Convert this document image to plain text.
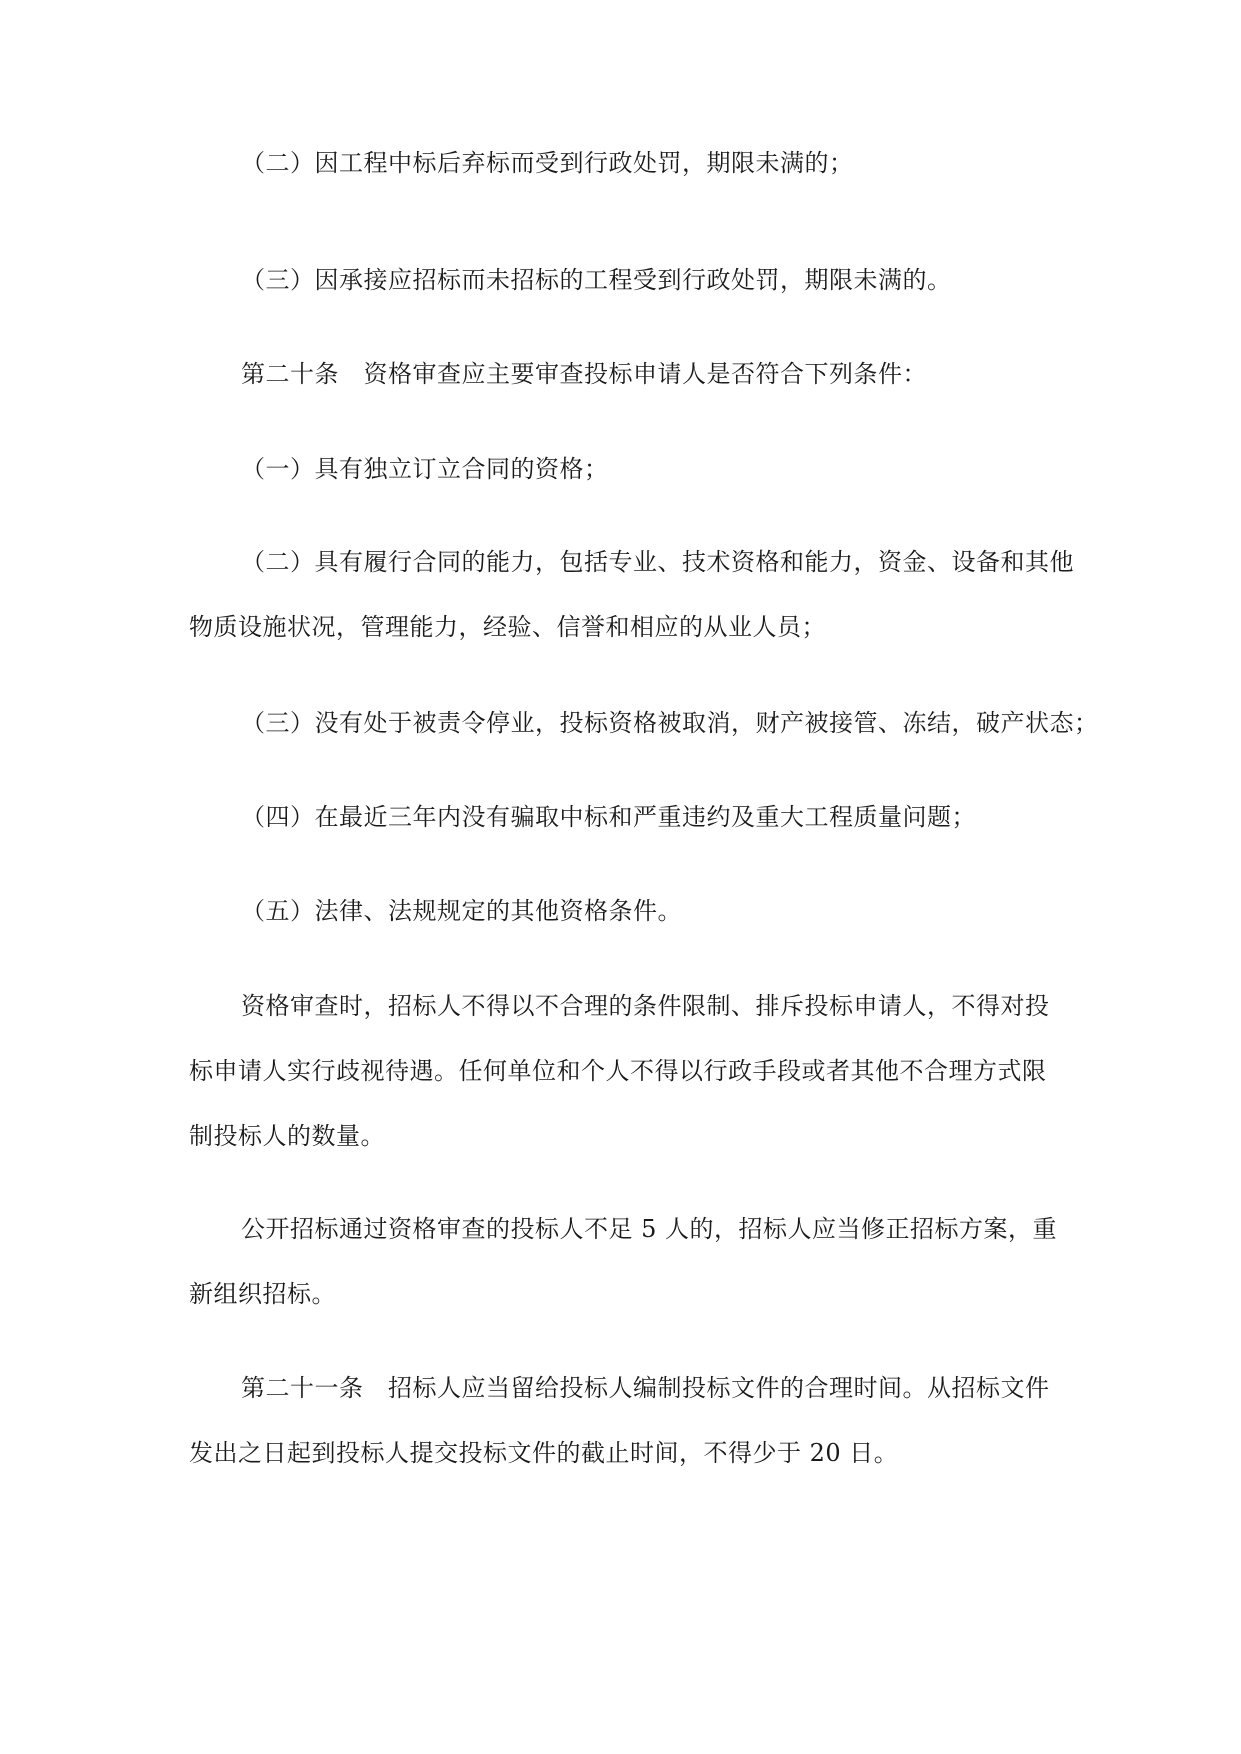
（二）因工程中标后弃标而受到行政处罚，期限未满的；

（三）因承接应招标而未招标的工程受到行政处罚，期限未满的。

第二十条　资格审查应主要审查投标申请人是否符合下列条件：

（一）具有独立订立合同的资格；

（二）具有履行合同的能力，包括专业、技术资格和能力，资金、设备和其他
物质设施状况，管理能力，经验、信誉和相应的从业人员；

（三）没有处于被责令停业，投标资格被取消，财产被接管、冻结，破产状态；

（四）在最近三年内没有骗取中标和严重违约及重大工程质量问题；

（五）法律、法规规定的其他资格条件。

资格审查时，招标人不得以不合理的条件限制、排斥投标申请人，不得对投
标申请人实行歧视待遇。任何单位和个人不得以行政手段或者其他不合理方式限
制投标人的数量。

公开招标通过资格审查的投标人不足 5 人的，招标人应当修正招标方案，重
新组织招标。

第二十一条　招标人应当留给投标人编制投标文件的合理时间。从招标文件
发出之日起到投标人提交投标文件的截止时间，不得少于 20 日。
